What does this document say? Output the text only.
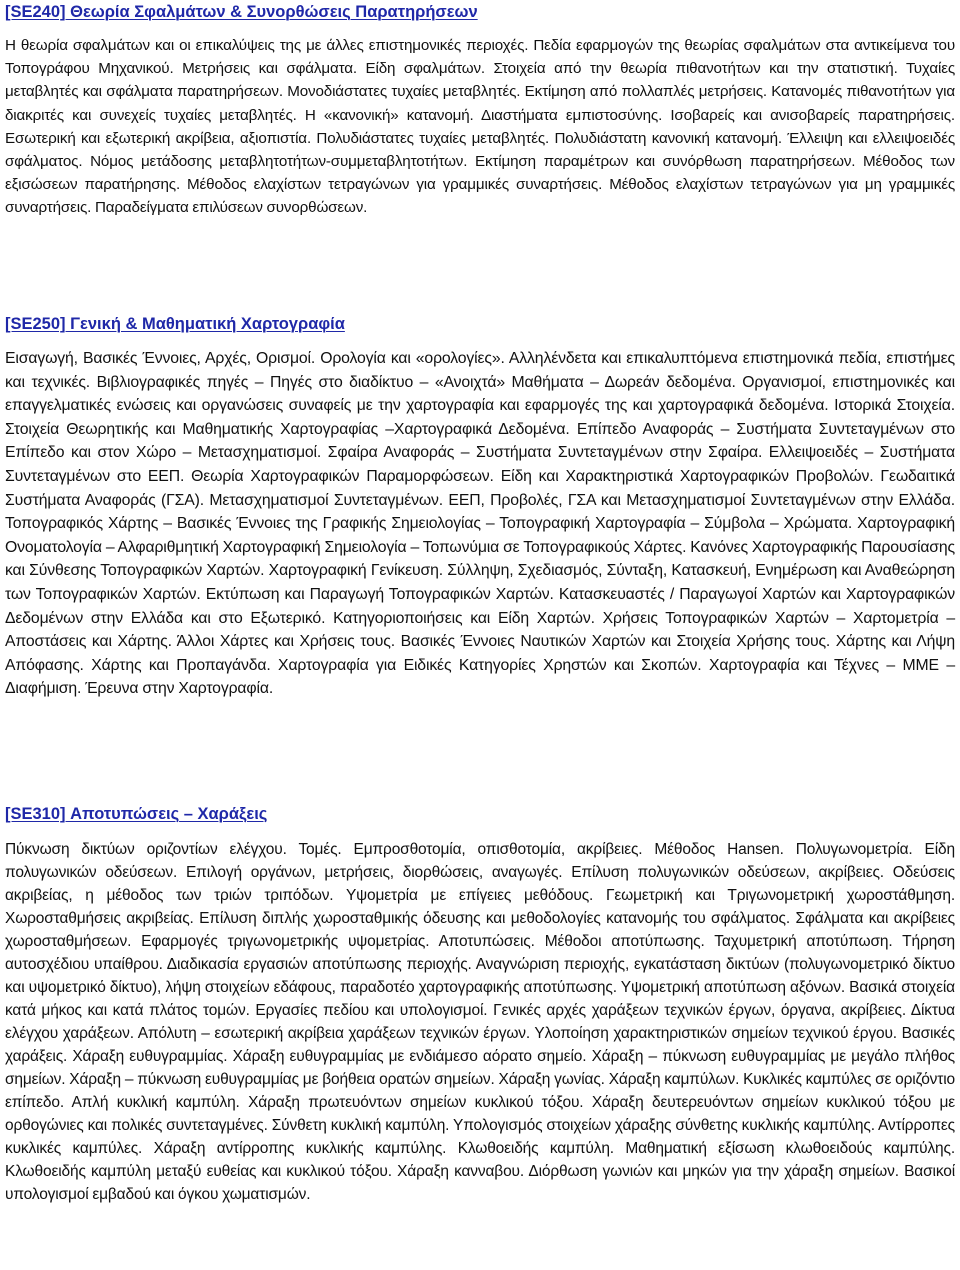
[SE240] Θεωρία Σφαλμάτων & Συνορθώσεις Παρατηρήσεων

Η θεωρία σφαλμάτων και οι επικαλύψεις της με άλλες επιστημονικές περιοχές. Πεδία εφαρμογών της θεωρίας σφαλμάτων στα αντικείμενα του Τοπογράφου Μηχανικού. Μετρήσεις και σφάλματα. Είδη σφαλμάτων. Στοιχεία από την θεωρία πιθανοτήτων και την στατιστική. Τυχαίες μεταβλητές και σφάλματα παρατηρήσεων. Μονοδιάστατες τυχαίες μεταβλητές. Εκτίμηση από πολλαπλές μετρήσεις. Κατανομές πιθανοτήτων για διακριτές και συνεχείς τυχαίες μεταβλητές. Η «κανονική» κατανομή. Διαστήματα εμπιστοσύνης. Ισοβαρείς και ανισοβαρείς παρατηρήσεις. Εσωτερική και εξωτερική ακρίβεια, αξιοπιστία. Πολυδιάστατες τυχαίες μεταβλητές. Πολυδιάστατη κανονική κατανομή. Έλλειψη και ελλειψοειδές σφάλματος. Νόμος μετάδοσης μεταβλητοτήτων-συμμεταβλητοτήτων. Εκτίμηση παραμέτρων και συνόρθωση παρατηρήσεων. Μέθοδος των εξισώσεων παρατήρησης. Μέθοδος ελαχίστων τετραγώνων για γραμμικές συναρτήσεις. Μέθοδος ελαχίστων τετραγώνων για μη γραμμικές συναρτήσεις. Παραδείγματα επιλύσεων συνορθώσεων.

[SE250] Γενική & Μαθηματική Χαρτογραφία

Εισαγωγή, Βασικές Έννοιες, Αρχές, Ορισμοί. Ορολογία και «ορολογίες». Αλληλένδετα και επικαλυπτόμενα επιστημονικά πεδία, επιστήμες και τεχνικές. Βιβλιογραφικές πηγές – Πηγές στο διαδίκτυο – «Ανοιχτά» Μαθήματα – Δωρεάν δεδομένα. Οργανισμοί, επιστημονικές και επαγγελματικές ενώσεις και οργανώσεις συναφείς με την χαρτογραφία και εφαρμογές της και χαρτογραφικά δεδομένα. Ιστορικά Στοιχεία. Στοιχεία Θεωρητικής και Μαθηματικής Χαρτογραφίας –Χαρτογραφικά Δεδομένα. Επίπεδο Αναφοράς – Συστήματα Συντεταγμένων στο Επίπεδο και στον Χώρο – Μετασχηματισμοί. Σφαίρα Αναφοράς – Συστήματα Συντεταγμένων στην Σφαίρα. Ελλειψοειδές – Συστήματα Συντεταγμένων στο ΕΕΠ. Θεωρία Χαρτογραφικών Παραμορφώσεων. Είδη και Χαρακτηριστικά Χαρτογραφικών Προβολών. Γεωδαιτικά Συστήματα Αναφοράς (ΓΣΑ). Μετασχηματισμοί Συντεταγμένων. ΕΕΠ, Προβολές, ΓΣΑ και Μετασχηματισμοί Συντεταγμένων στην Ελλάδα. Τοπογραφικός Χάρτης – Βασικές Έννοιες της Γραφικής Σημειολογίας – Τοπογραφική Χαρτογραφία – Σύμβολα – Χρώματα. Χαρτογραφική Ονοματολογία – Αλφαριθμητική Χαρτογραφική Σημειολογία – Τοπωνύμια σε Τοπογραφικούς Χάρτες. Κανόνες Χαρτογραφικής Παρουσίασης και Σύνθεσης Τοπογραφικών Χαρτών. Χαρτογραφική Γενίκευση. Σύλληψη, Σχεδιασμός, Σύνταξη, Κατασκευή, Ενημέρωση και Αναθεώρηση των Τοπογραφικών Χαρτών. Εκτύπωση και Παραγωγή Τοπογραφικών Χαρτών. Κατασκευαστές / Παραγωγοί Χαρτών και Χαρτογραφικών Δεδομένων στην Ελλάδα και στο Εξωτερικό. Κατηγοριοποιήσεις και Είδη Χαρτών. Χρήσεις Τοπογραφικών Χαρτών – Χαρτομετρία – Αποστάσεις και Χάρτης. Άλλοι Χάρτες και Χρήσεις τους. Βασικές Έννοιες Ναυτικών Χαρτών και Στοιχεία Χρήσης τους. Χάρτης και Λήψη Απόφασης. Χάρτης και Προπαγάνδα. Χαρτογραφία για Ειδικές Κατηγορίες Χρηστών και Σκοπών. Χαρτογραφία και Τέχνες – ΜΜΕ – Διαφήμιση. Έρευνα στην Χαρτογραφία.

[SE310] Αποτυπώσεις – Χαράξεις

Πύκνωση δικτύων οριζοντίων ελέγχου. Τομές. Εμπροσθοτομία, οπισθοτομία, ακρίβειες. Μέθοδος Hansen. Πολυγωνομετρία. Είδη πολυγωνικών οδεύσεων. Επιλογή οργάνων, μετρήσεις, διορθώσεις, αναγωγές. Επίλυση πολυγωνικών οδεύσεων, ακρίβειες. Οδεύσεις ακριβείας, η μέθοδος των τριών τριπόδων. Υψομετρία με επίγειες μεθόδους. Γεωμετρική και Τριγωνομετρική χωροστάθμηση. Χωροσταθμήσεις ακριβείας. Επίλυση διπλής χωροσταθμικής όδευσης και μεθοδολογίες κατανομής του σφάλματος. Σφάλματα και ακρίβειες χωροσταθμήσεων. Εφαρμογές τριγωνομετρικής υψομετρίας. Αποτυπώσεις. Μέθοδοι αποτύπωσης. Ταχυμετρική αποτύπωση. Τήρηση αυτοσχέδιου υπαίθρου. Διαδικασία εργασιών αποτύπωσης περιοχής. Αναγνώριση περιοχής, εγκατάσταση δικτύων (πολυγωνομετρικό δίκτυο και υψομετρικό δίκτυο), λήψη στοιχείων εδάφους, παραδοτέο χαρτογραφικής αποτύπωσης. Υψομετρική αποτύπωση αξόνων. Βασικά στοιχεία κατά μήκος και κατά πλάτος τομών. Εργασίες πεδίου και υπολογισμοί. Γενικές αρχές χαράξεων τεχνικών έργων, όργανα, ακρίβειες. Δίκτυα ελέγχου χαράξεων. Απόλυτη – εσωτερική ακρίβεια χαράξεων τεχνικών έργων. Υλοποίηση χαρακτηριστικών σημείων τεχνικού έργου. Βασικές χαράξεις. Χάραξη ευθυγραμμίας. Χάραξη ευθυγραμμίας με ενδιάμεσο αόρατο σημείο. Χάραξη – πύκνωση ευθυγραμμίας με μεγάλο πλήθος σημείων. Χάραξη – πύκνωση ευθυγραμμίας με βοήθεια ορατών σημείων. Χάραξη γωνίας. Χάραξη καμπύλων. Κυκλικές καμπύλες σε οριζόντιο επίπεδο. Απλή κυκλική καμπύλη. Χάραξη πρωτευόντων σημείων κυκλικού τόξου. Χάραξη δευτερευόντων σημείων κυκλικού τόξου με ορθογώνιες και πολικές συντεταγμένες. Σύνθετη κυκλική καμπύλη. Υπολογισμός στοιχείων χάραξης σύνθετης κυκλικής καμπύλης. Αντίρροπες κυκλικές καμπύλες. Χάραξη αντίρροπης κυκλικής καμπύλης. Κλωθοειδής καμπύλη. Μαθηματική εξίσωση κλωθοειδούς καμπύλης. Κλωθοειδής καμπύλη μεταξύ ευθείας και κυκλικού τόξου. Χάραξη κανναβου. Διόρθωση γωνιών και μηκών για την χάραξη σημείων. Βασικοί υπολογισμοί εμβαδού και όγκου χωματισμών.
